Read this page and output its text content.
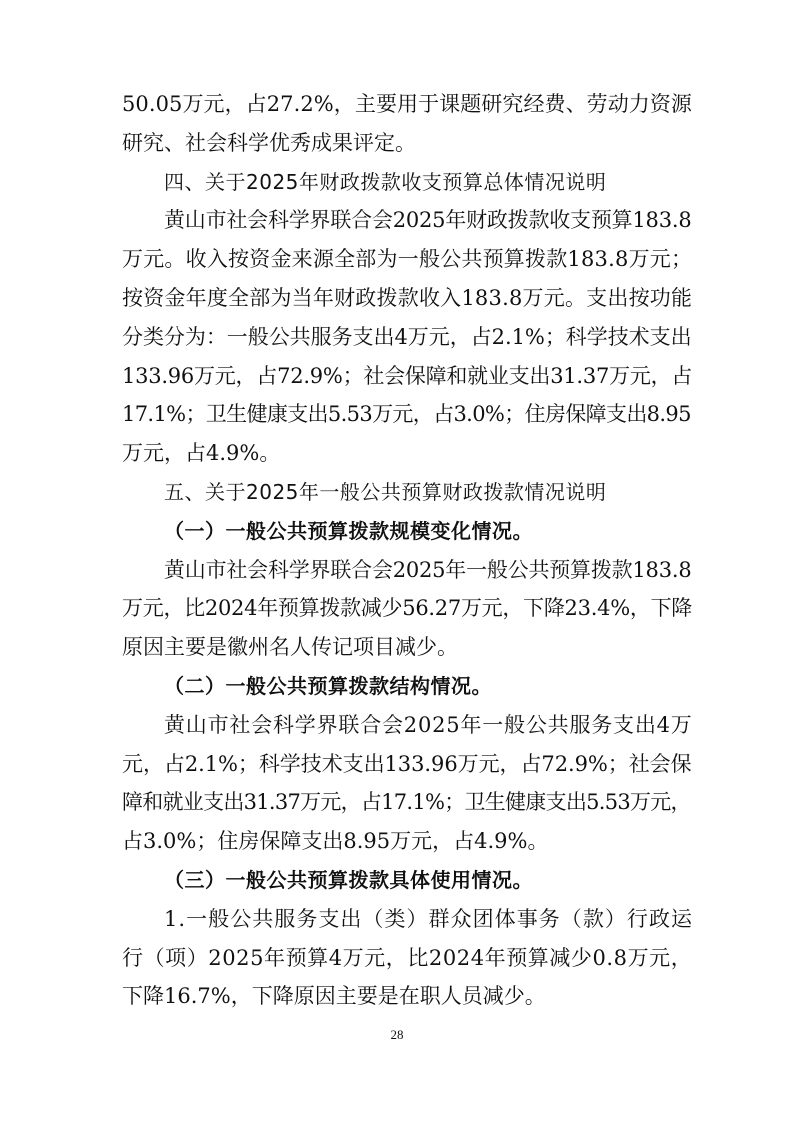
50.05万元，占27.2%，主要用于课题研究经费、劳动力资源
研究、社会科学优秀成果评定。
四、关于2025年财政拨款收支预算总体情况说明
黄山市社会科学界联合会2025年财政拨款收支预算183.8
万元。收入按资金来源全部为一般公共预算拨款183.8万元；
按资金年度全部为当年财政拨款收入183.8万元。支出按功能
分类分为：一般公共服务支出4万元，占2.1%；科学技术支出
133.96万元，占72.9%；社会保障和就业支出31.37万元，占
17.1%；卫生健康支出5.53万元，占3.0%；住房保障支出8.95
万元，占4.9%。
五、关于2025年一般公共预算财政拨款情况说明
（一）一般公共预算拨款规模变化情况。
黄山市社会科学界联合会2025年一般公共预算拨款183.8
万元，比2024年预算拨款减少56.27万元，下降23.4%，下降
原因主要是徽州名人传记项目减少。
（二）一般公共预算拨款结构情况。
黄山市社会科学界联合会2025年一般公共服务支出4万
元，占2.1%；科学技术支出133.96万元，占72.9%；社会保
障和就业支出31.37万元，占17.1%；卫生健康支出5.53万元，
占3.0%；住房保障支出8.95万元，占4.9%。
（三）一般公共预算拨款具体使用情况。
1.一般公共服务支出（类）群众团体事务（款）行政运
行（项）2025年预算4万元，比2024年预算减少0.8万元，
下降16.7%，下降原因主要是在职人员减少。
28
